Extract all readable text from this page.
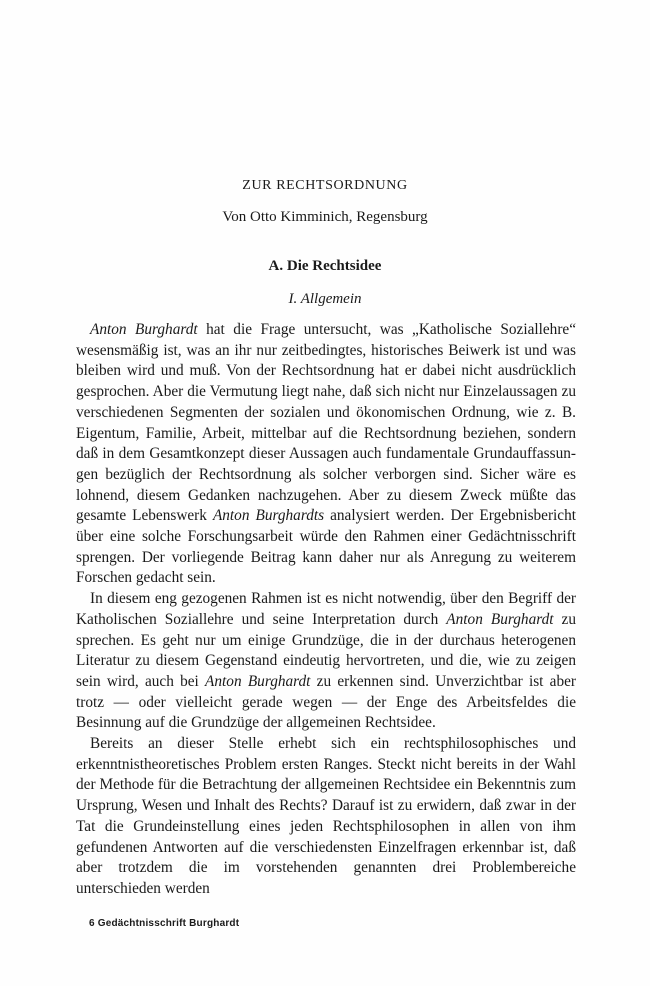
ZUR RECHTSORDNUNG
Von Otto Kimminich, Regensburg
A. Die Rechtsidee
I. Allgemein

Anton Burghardt hat die Frage untersucht, was „Katholische Soziallehre“ wesensmäßig ist, was an ihr nur zeitbedingtes, historisches Beiwerk ist und was bleiben wird und muß. Von der Rechtsordnung hat er dabei nicht ausdrücklich gesprochen. Aber die Vermutung liegt nahe, daß sich nicht nur Einzelaussagen zu verschiedenen Segmenten der sozialen und ökonomischen Ordnung, wie z. B. Eigentum, Familie, Arbeit, mittelbar auf die Rechtsordnung beziehen, sondern daß in dem Gesamtkonzept dieser Aussagen auch fundamentale Grundauffassungen bezüglich der Rechtsordnung als solcher verborgen sind. Sicher wäre es lohnend, diesem Gedanken nachzugehen. Aber zu diesem Zweck müßte das gesamte Lebenswerk Anton Burghardts analysiert werden. Der Ergebnisbericht über eine solche Forschungsarbeit würde den Rahmen einer Gedächtnisschrift sprengen. Der vorliegende Beitrag kann daher nur als Anregung zu weiterem Forschen gedacht sein.

In diesem eng gezogenen Rahmen ist es nicht notwendig, über den Begriff der Katholischen Soziallehre und seine Interpretation durch Anton Burghardt zu sprechen. Es geht nur um einige Grundzüge, die in der durchaus heterogenen Literatur zu diesem Gegenstand eindeutig hervortreten, und die, wie zu zeigen sein wird, auch bei Anton Burghardt zu erkennen sind. Unverzichtbar ist aber trotz — oder vielleicht gerade wegen — der Enge des Arbeitsfeldes die Besinnung auf die Grundzüge der allgemeinen Rechtsidee.

Bereits an dieser Stelle erhebt sich ein rechtsphilosophisches und erkenntnistheoretisches Problem ersten Ranges. Steckt nicht bereits in der Wahl der Methode für die Betrachtung der allgemeinen Rechtsidee ein Bekenntnis zum Ursprung, Wesen und Inhalt des Rechts? Darauf ist zu erwidern, daß zwar in der Tat die Grundeinstellung eines jeden Rechtsphilosophen in allen von ihm gefundenen Antworten auf die verschiedensten Einzelfragen erkennbar ist, daß aber trotzdem die im vorstehenden genannten drei Problembereiche unterschieden werden

6 Gedächtnisschrift Burghardt
